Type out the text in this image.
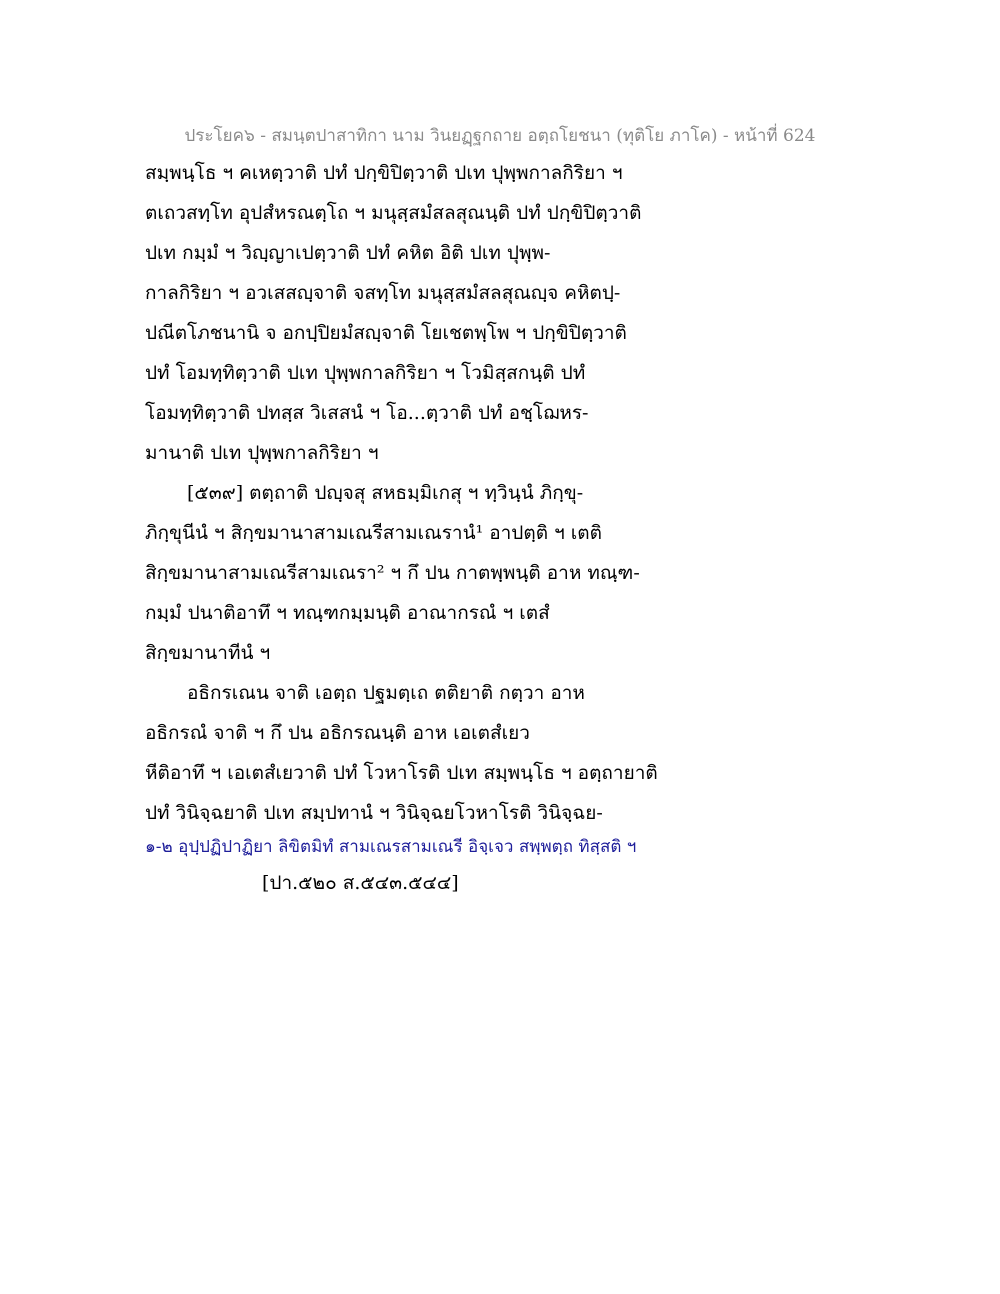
ประโยค๖ - สมนฺตปาสาทิกา นาม วินยฏฺฐกถาย อตฺถโยชนา (ทุติโย ภาโค) - หน้าที่ 624
สมฺพนฺโธ ฯ คเหตฺวาติ ปทํ ปกฺขิปิตฺวาติ ปเท ปุพฺพกาลกิริยา ฯ
ตเถวสทฺโท อุปสํหรณตฺโถ ฯ มนุสฺสมํสลสุณนฺติ ปทํ ปกฺขิปิตฺวาติ
ปเท กมฺมํ ฯ วิญฺญาเปตฺวาติ ปทํ คหิต อิติ ปเท ปุพฺพ-
กาลกิริยา ฯ อวเสสญฺจาติ จสทฺโท มนุสฺสมํสลสุณญฺจ คหิตปฺ-
ปณีตโภชนานิ จ อกปฺปิยมํสญฺจาติ โยเชตพฺโพ ฯ ปกฺขิปิตฺวาติ
ปทํ โอมทฺทิตฺวาติ ปเท ปุพฺพกาลกิริยา ฯ โวมิสฺสกนฺติ ปทํ
โอมทฺทิตฺวาติ ปทสฺส วิเสสนํ ฯ โอ...ตฺวาติ ปทํ อชฺโฌหร-
มานาติ ปเท ปุพฺพกาลกิริยา ฯ
[๕๓๙] ตตฺถาติ ปญฺจสุ สหธมฺมิเกสุ ฯ ทฺวินฺนํ ภิกฺขุ-
ภิกฺขุนีนํ ฯ สิกฺขมานาสามเณรีสามเณรานํ¹ อาปตฺติ ฯ เตติ
สิกฺขมานาสามเณรีสามเณรา² ฯ กึ ปน กาตพฺพนฺติ อาห ทณฺฑ-
กมฺมํ ปนาติอาทึ ฯ ทณฺฑกมฺมนฺติ อาณากรณํ ฯ เตสํ
สิกฺขมานาทีนํ ฯ
อธิกรเณน จาติ เอตฺถ ปฐมตฺเถ ตติยาติ กตฺวา อาห
อธิกรณํ จาติ ฯ กึ ปน อธิกรณนฺติ อาห เอเตสํเยว
หีติอาทึ ฯ เอเตสํเยวาติ ปทํ โวหาโรติ ปเท สมฺพนฺโธ ฯ อตฺถายาติ
ปทํ วินิจฺฉยาติ ปเท สมฺปทานํ ฯ วินิจฺฉยโวหาโรติ วินิจฺฉย-
๑-๒ อุปฺปฏิปาฏิยา ลิขิตมิทํ สามเณรสามเณรี อิจฺเจว สพฺพตฺถ ทิสฺสติ ฯ
[ปา.๕๒๐ ส.๕๔๓.๕๔๔]
